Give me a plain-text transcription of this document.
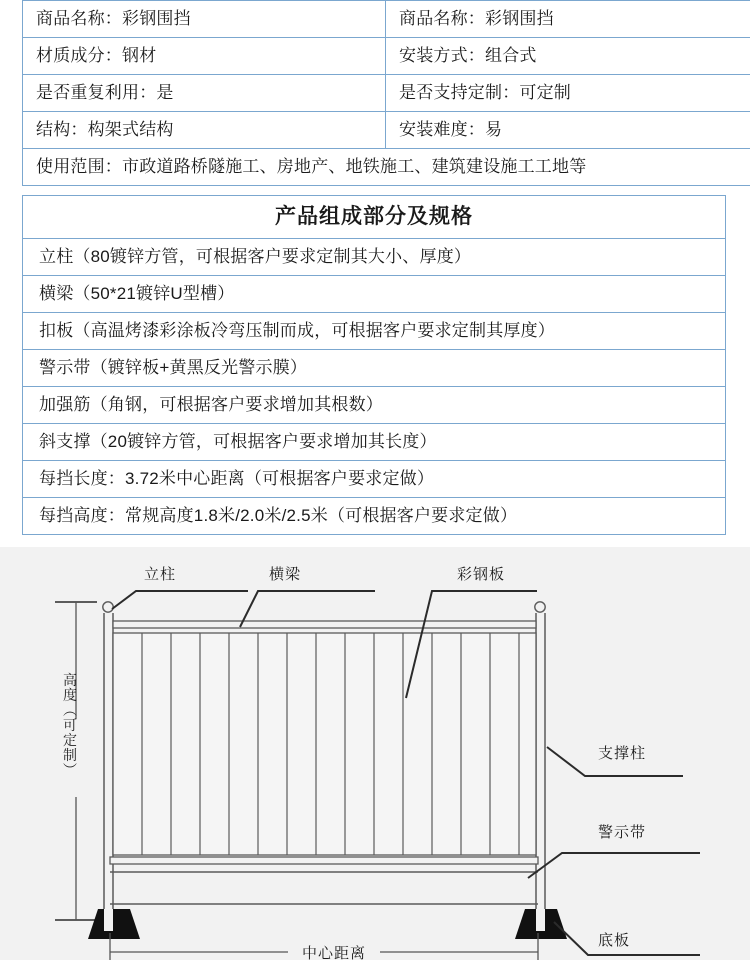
商品名称：彩钢围挡	商品名称：彩钢围挡
材质成分：钢材	安装方式：组合式
是否重复利用：是	是否支持定制：可定制
结构：构架式结构	安装难度：易
使用范围：市政道路桥隧施工、房地产、地铁施工、建筑建设施工工地等	
产品组成部分及规格
立柱（80镀锌方管，可根据客户要求定制其大小、厚度）
横梁（50*21镀锌U型槽）
扣板（高温烤漆彩涂板冷弯压制而成，可根据客户要求定制其厚度）
警示带（镀锌板+黄黑反光警示膜）
加强筋（角钢，可根据客户要求增加其根数）
斜支撑（20镀锌方管，可根据客户要求增加其长度）
每挡长度：3.72米中心距离（可根据客户要求定做）
每挡高度：常规高度1.8米/2.0米/2.5米（可根据客户要求定做）
高度（可定制）
立柱	横梁	彩钢板
支撑柱
警示带
底板
中心距离
